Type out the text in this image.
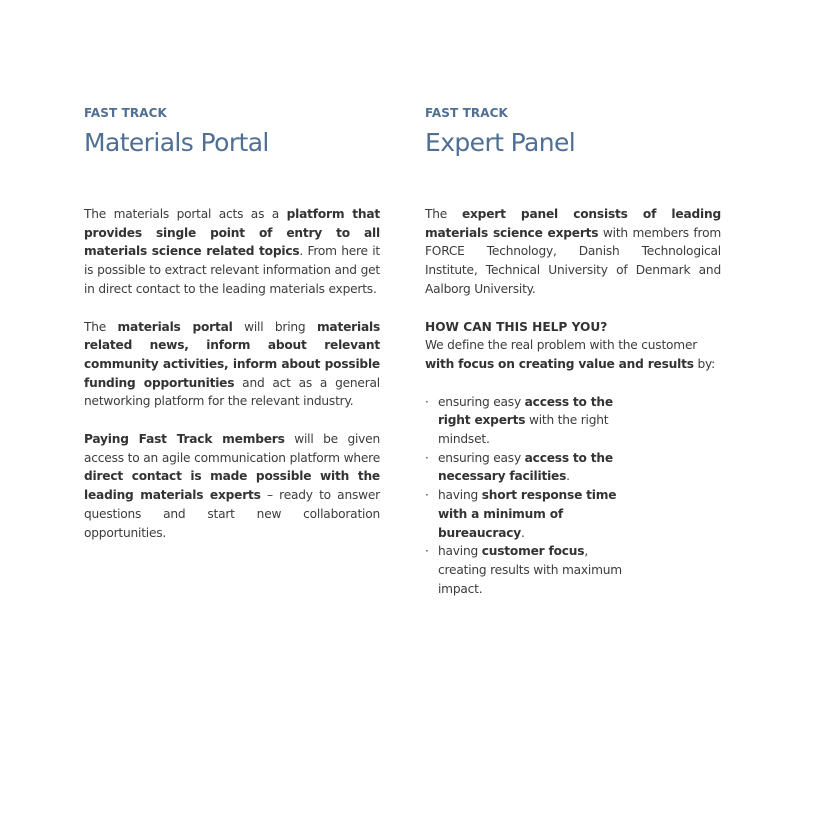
FAST TRACK
Materials Portal

The materials portal acts as a platform that provides single point of entry to all materials science related topics. From here it is possible to extract relevant information and get in direct contact to the leading materials experts.

The materials portal will bring materials related news, inform about relevant community activities, inform about possible funding opportunities and act as a general networking platform for the relevant industry.

Paying Fast Track members will be given access to an agile communication platform where direct contact is made possible with the leading materials experts – ready to answer questions and start new collaboration opportunities.

FAST TRACK
Expert Panel

The expert panel consists of leading materials science experts with members from FORCE Technology, Danish Technological Institute, Technical University of Denmark and Aalborg University.

HOW CAN THIS HELP YOU?

We define the real problem with the customer with focus on creating value and results by:

· ensuring easy access to the right experts with the right mindset.
· ensuring easy access to the necessary facilities.
· having short response time with a minimum of bureaucracy.
· having customer focus, creating results with maximum impact.
